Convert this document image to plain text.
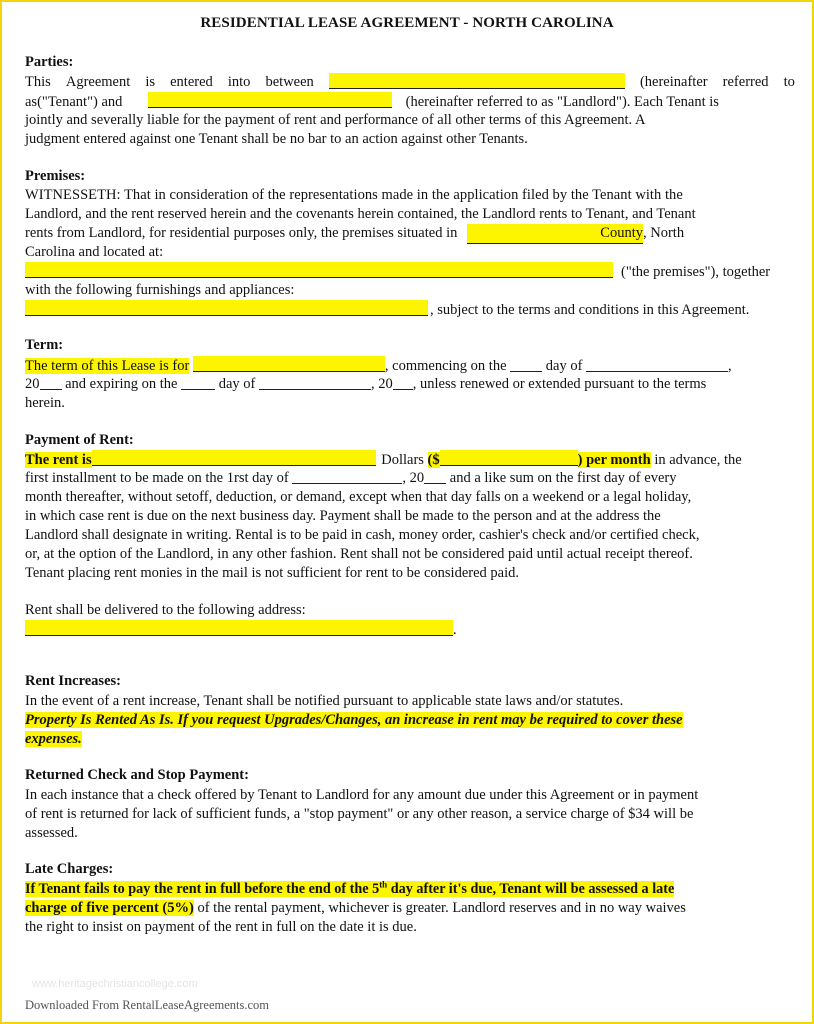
RESIDENTIAL LEASE AGREEMENT - NORTH CAROLINA
Parties:
This Agreement is entered into between	(hereinafter referred to
as("Tenant") and	(hereinafter referred to as "Landlord"). Each Tenant is
jointly and severally liable for the payment of rent and performance of all other terms of this Agreement. A
judgment entered against one Tenant shall be no bar to an action against other Tenants.
Premises:
WITNESSETH: That in consideration of the representations made in the application filed by the Tenant with the
Landlord, and the rent reserved herein and the covenants herein contained, the Landlord rents to Tenant, and Tenant
rents from Landlord, for residential purposes only, the premises situated in	County, North
Carolina and located at:
("the premises"), together
with the following furnishings and appliances:
, subject to the terms and conditions in this Agreement.
Term:
The term of this Lease is for	, commencing on the	day of	,
20 and expiring on the	day of	, 20 , unless renewed or extended pursuant to the terms
herein.
Payment of Rent:
The rent is	Dollars ($	) per month in advance, the
first installment to be made on the 1rst day of	, 20 and a like sum on the first day of every
month thereafter, without setoff, deduction, or demand, except when that day falls on a weekend or a legal holiday,
in which case rent is due on the next business day. Payment shall be made to the person and at the address the
Landlord shall designate in writing. Rental is to be paid in cash, money order, cashier's check and/or certified check,
or, at the option of the Landlord, in any other fashion. Rent shall not be considered paid until actual receipt thereof.
Tenant placing rent monies in the mail is not sufficient for rent to be considered paid.
Rent shall be delivered to the following address:
.
Rent Increases:
In the event of a rent increase, Tenant shall be notified pursuant to applicable state laws and/or statutes.
Property Is Rented As Is. If you request Upgrades/Changes, an increase in rent may be required to cover these
expenses.
Returned Check and Stop Payment:
In each instance that a check offered by Tenant to Landlord for any amount due under this Agreement or in payment
of rent is returned for lack of sufficient funds, a "stop payment" or any other reason, a service charge of $34 will be
assessed.
Late Charges:
If Tenant fails to pay the rent in full before the end of the 5th day after it's due, Tenant will be assessed a late
charge of five percent (5%) of the rental payment, whichever is greater. Landlord reserves and in no way waives
the right to insist on payment of the rent in full on the date it is due.
www.heritagechristiancollege.com
Downloaded From RentalLeaseAgreements.com
